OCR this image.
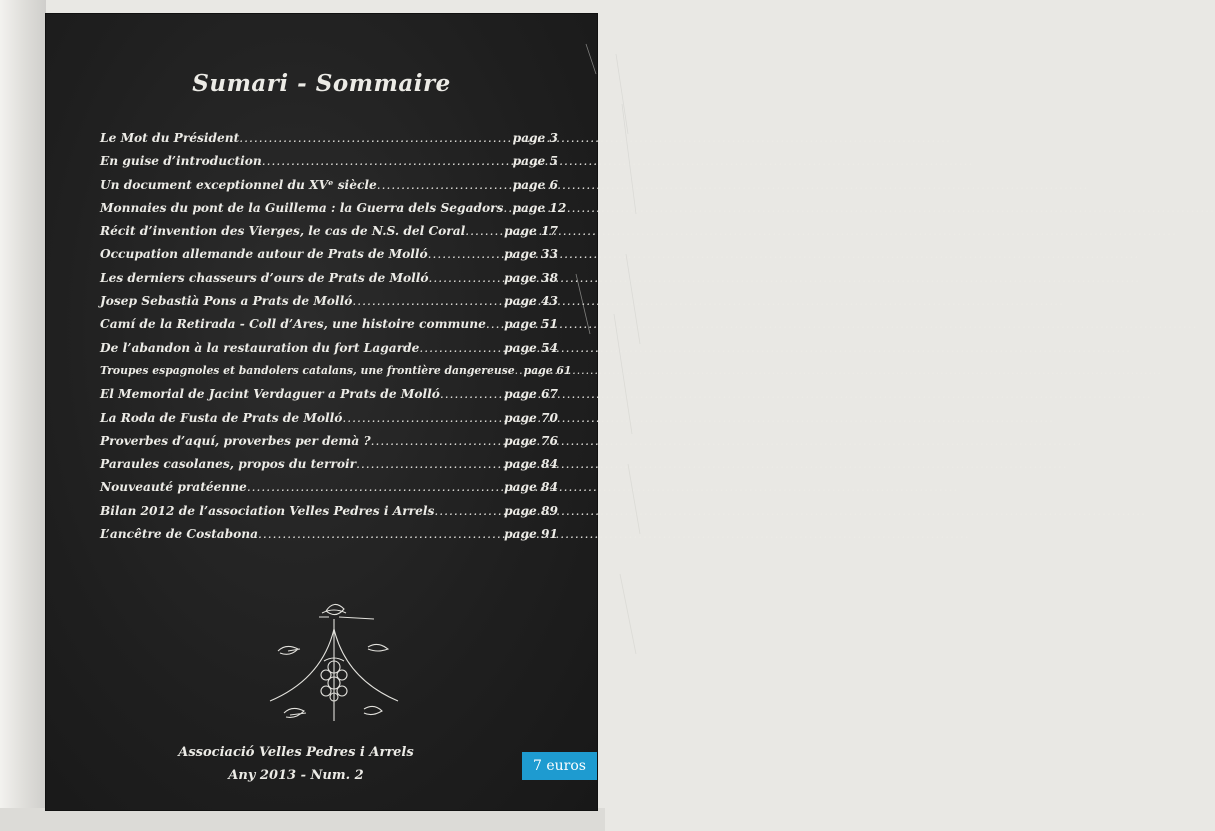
Sumari - Sommaire
Le Mot du Président .....	page 3
En guise d’introduction .....	page 5
Un document exceptionnel du XVᵉ siècle .....	page 6
Monnaies du pont de la Guillema : la Guerra dels Segadors ..... page 12
Récit d’invention des Vierges, le cas de N.S. del Coral .....	page 17
Occupation allemande autour de Prats de Molló .....	page 33
Les derniers chasseurs d’ours de Prats de Molló .....	page 38
Josep Sebastià Pons a Prats de Molló .....	page 43
Camí de la Retirada - Coll d’Ares, une histoire commune ..... page 51
De l’abandon à la restauration du fort Lagarde .....	page 54
Troupes espagnoles et bandolers catalans, une frontière dangereuse ..... page 61
El Memorial de Jacint Verdaguer a Prats de Molló .....	page 67
La Roda de Fusta de Prats de Molló .....	page 70
Proverbes d’aquí, proverbes per demà ? .....	page 76
Paraules casolanes, propos du terroir .....	page 84
Nouveauté pratéenne .....	page 84
Bilan 2012 de l’association Velles Pedres i Arrels .....	page 89
L’ancêtre de Costabona .....	page 91
Associació Velles Pedres i Arrels
Any 2013 - Num. 2
7 euros
